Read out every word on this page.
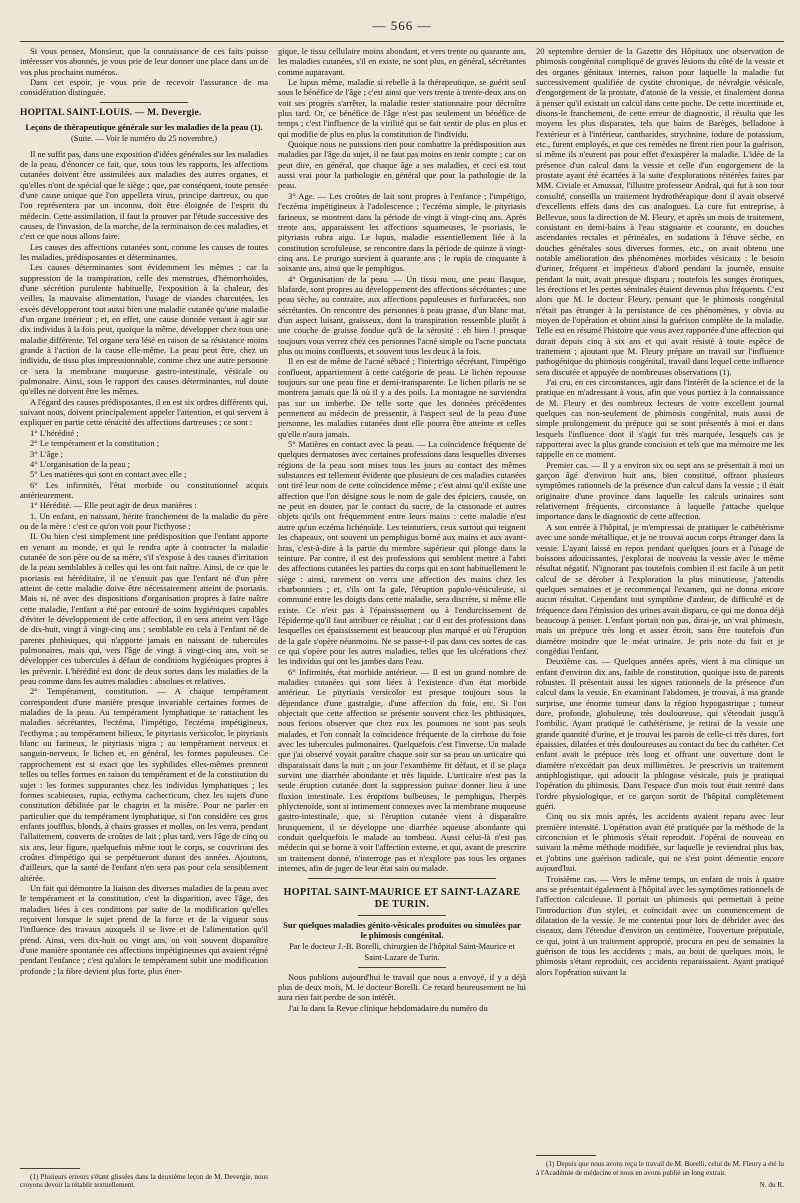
— 566 —

Si vous pensez, Monsieur, que la connaissance de ces faits puisse intéresser vos abonnés, je vous prie de leur donner une place dans un de vos plus prochains numéros.

Dans cet espoir, je vous prie de recevoir l'assurance de ma considération distinguée.

HOPITAL SAINT-LOUIS. — M. Devergie.
Leçons de thérapeutique générale sur les maladies de la peau (1).
(Suite. — Voir le numéro du 25 novembre.)

Il ne suffit pas, dans une exposition d'idées générales sur les maladies de la peau, d'énoncer ce fait, que, sous tous les rapports, les affections cutanées doivent être assimilées aux maladies des autres organes, et qu'elles n'ont de spécial que le siège ; que, par conséquent, toute pensée d'une cause unique que l'on appellera virus, principe dartreux, ou que l'on représentera par un inconnu, doit être éloignée de l'esprit du médecin. Cette assimilation, il faut la prouver par l'étude successive des causes, de l'invasion, de la marche, de la terminaison de ces maladies, et c'est ce que nous allons faire.

Les causes des affections cutanées sont, comme les causes de toutes les maladies, prédisposantes et déterminantes.

Les causes déterminantes sont évidemment les mêmes ; car la suppression de la transpiration, celle des menstrues, d'hémorrhoïdes, d'une sécrétion purulente habituelle, l'exposition à la chaleur, des veilles, la mauvaise alimentation, l'usage de viandes charcutées, les excès développeront tout aussi bien une maladie cutanée qu'une maladie d'un organe intérieur ; et, en effet, une cause donnée venant à agir sur dix individus à la fois peut, quoique la même, développer chez tous une maladie différente. Tel organe sera lésé en raison de sa résistance moins grande à l'action de la cause elle-même. La peau peut être, chez un individu, de tissu plus impressionnable, comme chez une autre personne ce sera la membrane muqueuse gastro-intestinale, vésicale ou pulmonaire. Ainsi, sous le rapport des causes déterminantes, nul doute qu'elles ne doivent être les mêmes.

A l'égard des causes prédisposantes, il en est six ordres différents qui, suivant nous, doivent principalement appeler l'attention, et qui servent à expliquer en partie cette ténacité des affections dartreuses ; ce sont :

1° L'hérédité ;

2° Le tempérament et la constitution ;

3° L'âge ;

4° L'organisation de la peau ;

5° Les matières qui sont en contact avec elle ;

6° Les infirmités, l'état morbide ou constitutionnel acquis antérieurement.

1° Hérédité. — Elle peut agir de deux manières :

1. Un enfant, en naissant, hérite franchement de la maladie du père ou de la mère : c'est ce qu'on voit pour l'icthyose ;

II. Ou bien c'est simplement une prédisposition que l'enfant apporte en venant au monde, et qui le rendra apte à contracter la maladie cutanée de son père ou de sa mère, s'il s'expose à des causes d'irritation de la peau semblables à celles qui les ont fait naître. Ainsi, de ce que le psoriasis est héréditaire, il ne s'ensuit pas que l'enfant né d'un père atteint de cette maladie doive être nécessairement atteint de psoriasis. Mais si, né avec des dispositions d'organisation propres à faire naître cette maladie, l'enfant a été par entouré de soins hygiéniques capables d'éviter le développement de cette affection, il en sera atteint vers l'âge de dix-huit, vingt à vingt-cinq ans ; semblable en cela à l'enfant né de parents phthisiques, qui n'apporte jamais en naissant de tubercules pulmonaires, mais qui, vers l'âge de vingt à vingt-cinq ans, voit se développer ces tubercules à défaut de conditions hygiéniques propres à les prévenir. L'hérédité est donc de deux sortes dans les maladies de la peau comme dans les autres maladies : absolues et relatives.

2° Tempérament, constitution. — A chaque tempérament correspondent d'une manière presque invariable certaines formes de maladies de la peau. Au tempérament lymphatique se rattachent les maladies sécrétantes, l'eczéma, l'impétigo, l'eczéma impétigineux, l'ecthyma ; au tempérament bilieux, le pityriasis versicolor, le pityriasis blanc ou farineux, le pityriasis nigra ; au tempérament nerveux et sanguin-nerveux, le lichen et, en général, les formes papuleuses. Ce rapprochement est si exact que les syphilides elles-mêmes prennent telles ou telles formes en raison du tempérament et de la constitution du sujet : les formes suppurantes chez les individus lymphatiques ; les formes scabieuses, rupia, ecthyma cachecticum, chez les sujets d'une constitution débilitée par le chagrin et la misère. Pour ne parler en particulier que du tempérament lymphatique, si l'on considère ces gros enfants joufflus, blonds, à chairs grasses et molles, on les verra, pendant l'allaitement, couverts de croûtes de lait ; plus tard, vers l'âge de cinq ou six ans, leur figure, quelquefois même tout le corps, se couvriront des croûtes d'impétigo qui se perpétueront durant des années. Ajoutons, d'ailleurs, que la santé de l'enfant n'en sera pas pour cela sensiblement altérée.

Un fait qui démontre la liaison des diverses maladies de la peau avec le tempérament et la constitution, c'est la disparition, avec l'âge, des maladies liées à ces conditions par suite de la modification qu'elles reçoivent lorsque le sujet prend de la force et de la vigueur sous l'influence des travaux auxquels il se livre et de l'alimentation qu'il prend. Ainsi, vers dix-huit ou vingt ans, on voit souvent disparaître d'une manière spontanée ces affections impétigineuses qui avaient régné pendant l'enfance ; c'est qu'alors le tempérament subit une modification profonde ; la fibre devient plus forte, plus éner-

(1) Plusieurs erreurs s'étant glissées dans la deuxième leçon de M. Devergie, nous croyons devoir la rétablir textuellement.

gique, le tissu cellulaire moins abondant, et vers trente ou quarante ans, les maladies cutanées, s'il en existe, ne sont plus, en général, sécrétantes comme auparavant.

Le lupus même, maladie si rebelle à la thérapeutique, se guérit seul sous le bénéfice de l'âge ; c'est ainsi que vers trente à trente-deux ans on voit ses progrès s'arrêter, la maladie rester stationnaire pour décroître plus tard. Or, ce bénéfice de l'âge n'est pas seulement un bénéfice de temps ; c'est l'influence de la virilité qui se fait sentir de plus en plus et qui modifie de plus en plus la constitution de l'individu.

Quoique nous ne puissions rien pour combattre la prédisposition aux maladies par l'âge du sujet, il ne faut pas moins en tenir compte ; car on peut dire, en général, que chaque âge a ses maladies, et ceci est tout aussi vrai pour la pathologie en général que pour la pathologie de la peau.

3° Age. — Les croûtes de lait sont propres à l'enfance ; l'impétigo, l'eczéma impétigineux à l'adolescence ; l'eczéma simple, le pityriasis farineux, se montrent dans la période de vingt à vingt-cinq ans. Après trente ans, apparaissent les affections squameuses, le psoriasis, le pityriasis rubra aigu. Le lupus, maladie essentiellement liée à la constitution scrofuleuse, se rencontre dans la période de quinze à vingt-cinq ans. Le prurigo survient à quarante ans ; le rupia de cinquante à soixante ans, ainsi que le pemphigus.

4° Organisation de la peau. — Un tissu mou, une peau flasque, blafarde, sont propres au développement des affections sécrétantes ; une peau sèche, au contraire, aux affections papuleuses et furfuracées, non sécrétantes. On rencontre des personnes à peau grasse, d'un blanc mat, d'un aspect luisant, graisseux, dont la transpiration ressemble plutôt à une couche de graisse fondue qu'à de la sérosité : eh bien ! presque toujours vous verrez chez ces personnes l'acné simple ou l'acne punctata plus ou moins confluents, et souvent tous les deux à la fois.

Il en est de même de l'acné sébacé ; l'intertrigo sécrétant, l'impétigo confluent, appartiennent à cette catégorie de peau. Le lichen repousse toujours sur une peau fine et demi-transparente. Le lichen pilaris ne se montrera jamais que là où il y a des poils. La montagne ne surviendra pas sur un imberbe. De telle sorte que les données précédentes permettent au médecin de pressentir, à l'aspect seul de la peau d'une personne, les maladies cutanées dont elle pourra être atteinte et celles qu'elle n'aura jamais.

5° Matières en contact avec la peau. — La coïncidence fréquente de quelques dermatoses avec certaines professions dans lesquelles diverses régions de la peau sont mises tous les jours au contact des mêmes substances est tellement évidente que plusieurs de ces maladies cutanées ont tiré leur nom de cette coïncidence même ; c'est ainsi qu'il existe une affection que l'on désigne sous le nom de gale des épiciers, causée, on ne peut en douter, par le contact du sucre, de la cassonade et autres objets qu'ils ont fréquemment entre leurs mains : cette maladie n'est autre qu'un eczéma lichénoïde. Les teinturiers, ceux surtout qui teignent les chapeaux, ont souvent un pemphigus borné aux mains et aux avant-bras, c'est-à-dire à la partie du membre supérieur qui plonge dans la teinture. Par contre, il est des professions qui semblent mettre à l'abri des affections cutanées les parties du corps qui en sont habituellement le siège : ainsi, rarement on verra une affection des mains chez les charbonniers ; et, s'ils ont la gale, l'éruption papulo-vésiculeuse, si commune entre les doigts dans cette maladie, sera discrète, si même elle existe. Ce n'est pas à l'épaississement ou à l'endurcissement de l'épiderme qu'il faut attribuer ce résultat ; car il est des professions dans lesquelles cet épaississement est beaucoup plus marqué et où l'éruption de la gale s'opère néanmoins. Ne se passe-t-il pas dans ces sortes de cas ce qui s'opère pour les autres maladies, telles que les ulcérations chez les individus qui ont les jambes dans l'eau.

6° Infirmités, état morbide antérieur. — Il est un grand nombre de maladies cutanées qui sont liées à l'existence d'un état morbide antérieur. Le pityriasis versicolor est presque toujours sous la dépendance d'une gastralgie, d'une affection du foie, etc. Si l'on objectait que cette affection se présente souvent chez les phthisiques, nous ferions observer que chez eux les poumons ne sont pas seuls malades, et l'on connaît la coïncidence fréquente de la cirrhose du foie avec les tubercules pulmonaires. Quelquefois c'est l'inverse. Un malade que j'ai observé voyait paraître chaque soir sur sa peau un urticaire qui disparaissait dans la nuit ; un jour l'exanthème fit défaut, et il se plaça survint une diarrhée abondante et très liquide. L'urticaire n'est pas la seule éruption cutanée dont la suppression puisse donner lieu à une fluxion intestinale. Les éruptions bulbeuses, le pemphigus, l'herpès phlyctenoïde, sont si intimement connexes avec la membrane muqueuse gastro-intestinale, que, si l'éruption cutanée vient à disparaître brusquement, il se développe une diarrhée aqueuse abondante qui conduit quelquefois le malade au tombeau. Aussi celui-là n'est pas médecin qui se borne à voir l'affection externe, et qui, avant de prescrire un traitement donné, n'interroge pas et n'explore pas tous les organes internes, afin de juger de leur état sain ou malade.

HOPITAL SAINT-MAURICE ET SAINT-LAZARE DE TURIN.
Sur quelques maladies génito-vésicales produites ou simulées par le phimosis congénital.
Par le docteur J.-B. Borelli, chirurgien de l'hôpital Saint-Maurice et Saint-Lazare de Turin.

Nous publions aujourd'hui le travail que nous a envoyé, il y a déjà plus de deux mois, M. le docteur Borelli. Ce retard heureusement ne lui aura rien fait perdre de son intérêt.

J'ai lu dans la Revue clinique hebdomadaire du numéro du

20 septembre dernier de la Gazette des Hôpitaux une observation de phimosis congénital compliqué de graves lésions du côté de la vessie et des organes génitaux internes, raison pour laquelle la maladie fut successivement qualifiée de cystite chronique, de névralgie vésicale, d'engorgement de la prostate, d'atonie de la vessie, et finalement donna à penser qu'il existait un calcul dans cette poche. De cette incertitude et, disons-le franchement, de cette erreur de diagnostic, il résulta que les moyens les plus disparates, tels que bains de Barèges, belladone à l'extérieur et à l'intérieur, cantharides, strychnine, iodure de potassium, etc., furent employés, et que ces remèdes ne firent rien pour la guérison, si même ils n'eurent pas pour effet d'exaspérer la maladie. L'idée de la présence d'un calcul dans la vessie et celle d'un engorgement de la prostate ayant été écartées à la suite d'explorations réitérées faites par MM. Civiale et Amussat, l'illustre professeur Andral, qui fut à son tour consulté, conseilla un traitement hydrothérapique dont il avait observé d'excellents effets dans des cas analogues. La cure fut entreprise, à Bellevue, sous la direction de M. Fleury, et après un mois de traitement, consistant en demi-bains à l'eau stagnante et courante, en douches ascendantes rectales et périnéales, en sudations à l'étuve sèche, en douches générales sous diverses formes, etc., on avait obtenu une notable amélioration des phénomènes morbides vésicaux : le besoin d'uriner, fréquent et impérieux d'abord pendant la journée, ensuite pendant la nuit, avait presque disparu ; toutefois les songes érotiques, les érections et les pertes séminales étaient devenus plus fréquents. C'est alors que M. le docteur Fleury, pensant que le phimosis congénital n'était pas étranger à la persistance de ces phénomènes, y obvia au moyen de l'opération et obtint ainsi la guérison complète de la maladie. Telle est en résumé l'histoire que vous avez rapportée d'une affection qui durait depuis cinq à six ans et qui avait résisté à toute espèce de traitement ; ajoutant que M. Fleury prépare un travail sur l'influence pathogénique du phimosis congénital, travail dans lequel cette influence sera discutée et appuyée de nombreuses observations (1).

J'ai cru, en ces circonstances, agir dans l'intérêt de la science et de la pratique en m'adressant à vous, afin que vous portiez à la connaissance de M. Fleury et des nombreux lecteurs de votre excellent journal quelques cas non-seulement de phimosis congénital, mais aussi de simple prolongement du prépuce qui se sont présentés à moi et dans lesquels l'influence dont il s'agit fut très marquée, lesquels cas je rapporterai avec la plus grande concision et tels que ma mémoire me les rappelle en ce moment.

Premier cas. — Il y a environ six ou sept ans se présentait à moi un garçon âgé d'environ huit ans, bien constitué, offrant plusieurs symptômes rationnels de la présence d'un calcul dans la vessie ; il était originaire d'une province dans laquelle les calculs urinaires sont relativement fréquents, circonstance à laquelle j'attache quelque importance dans le diagnostic de cette affection.

A son entrée à l'hôpital, je m'empressai de pratiquer le cathétérisme avec une sonde métallique, et je ne trouvai aucun corps étranger dans la vessie. L'ayant laissé en repos pendant quelques jours et à l'usage de boissons adoucissantes, j'explorai de nouveau la vessie avec le même résultat négatif. N'ignorant pas toutefois combien il est facile à un petit calcul de se dérober à l'exploration la plus minutieuse, j'attendis quelques semaines et je recommençai l'examen, qui ne donna encore aucun résultat. Cependant tout symptôme d'ardeur, de difficulté et de fréquence dans l'émission des urines avait disparu, ce qui me donna déjà beaucoup à penser. L'enfant portait non pas, dirai-je, un vrai phimosis, mais un prépuce très long et assez étroit, sans être toutefois d'un diamètre moindre que le méat urinaire. Je pris note du fait et je congédiai l'enfant.

Deuxième cas. — Quelques années après, vient à ma clinique un enfant d'environ dix ans, faible de constitution, quoique issu de parents robustes. Il présentait aussi les signes rationnels de la présence d'un calcul dans la vessie. En examinant l'abdomen, je trouvai, à ma grande surprise, une énorme tumeur dans la région hypogastrique ; tumeur dure, profonde, globuleuse, très douloureuse, qui s'étendait jusqu'à l'ombilic. Ayant pratiqué le cathétérisme, je retirai de la vessie une grande quantité d'urine, et je trouvai les parois de celle-ci très dures, fort épaissies, dilatées et très douloureuses au contact du bec du cathéter. Cet enfant avait le prépuce très long et offrant une ouverture dont le diamètre n'excédait pas deux millimètres. Je prescrivis un traitement antiphlogistique, qui adoucit la phlogose vésicale, puis je pratiquai l'opération du phimosis. Dans l'espace d'un mois tout était rentré dans l'ordre physiologique, et ce garçon sortit de l'hôpital complètement guéri.

Cinq ou six mois après, les accidents avaient reparu avec leur première intensité. L'opération avait été pratiquée par la méthode de la circoncision et le phimosis s'était reproduit. J'opérai de nouveau en suivant la même méthode modifiée, sur laquelle je reviendrai plus bas, et j'obtins une guérison radicale, qui ne s'est point démentie encore aujourd'hui.

Troisième cas. — Vers le même temps, un enfant de trois à quatre ans se présentait également à l'hôpital avec les symptômes rationnels de l'affection calculeuse. Il portait un phimosis qui permettait à peine l'introduction d'un stylet, et coïncidait avec un commencement de dilatation de la vessie. Je me contentai pour lors de débrider avec des ciseaux, dans l'étendue d'environ un centimètre, l'ouverture préputiale, ce qui, joint à un traitement approprié, procura en peu de semaines la guérison de tous les accidents ; mais, au bout de quelques mois, le phimosis s'étant reproduit, ces accidents reparaissaient. Ayant pratiqué alors l'opération suivant la

(1) Depuis que nous avons reçu le travail de M. Borelli, celui de M. Fleury a été lu à l'Académie de médecine et nous en avons publié un long extrait.

N. du R.
